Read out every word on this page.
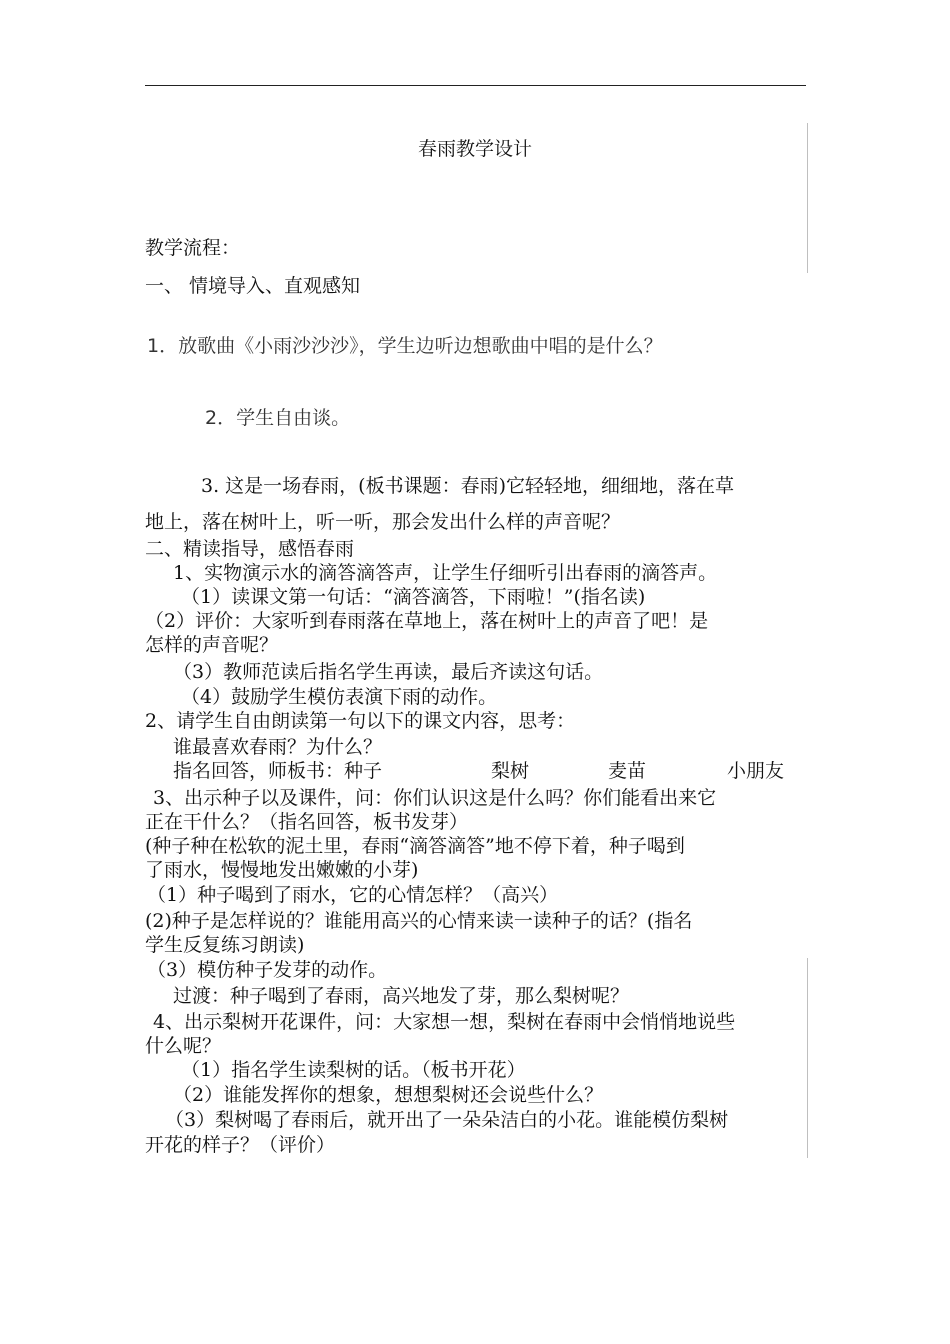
春雨教学设计
教学流程：
一、 情境导入、直观感知
1．放歌曲《小雨沙沙沙》，学生边听边想歌曲中唱的是什么？
2．学生自由谈。
3. 这是一场春雨，(板书课题：春雨)它轻轻地，细细地，落在草
地上，落在树叶上，听一听，那会发出什么样的声音呢？
二、精读指导，感悟春雨
1、实物演示水的滴答滴答声，让学生仔细听引出春雨的滴答声。
（1）读课文第一句话：“滴答滴答，下雨啦！”(指名读)
（2）评价：大家听到春雨落在草地上，落在树叶上的声音了吧！是
怎样的声音呢？
（3）教师范读后指名学生再读，最后齐读这句话。
（4）鼓励学生模仿表演下雨的动作。
2、请学生自由朗读第一句以下的课文内容，思考：
谁最喜欢春雨？为什么？
指名回答，师板书：种子	梨树	麦苗	小朋友
3、出示种子以及课件，问：你们认识这是什么吗？你们能看出来它
正在干什么？（指名回答，板书发芽）
(种子种在松软的泥土里，春雨“滴答滴答”地不停下着，种子喝到
了雨水，慢慢地发出嫩嫩的小芽)
（1）种子喝到了雨水，它的心情怎样？（高兴）
(2)种子是怎样说的？谁能用高兴的心情来读一读种子的话？(指名
学生反复练习朗读)
（3）模仿种子发芽的动作。
过渡：种子喝到了春雨，高兴地发了芽，那么梨树呢？
4、出示梨树开花课件，问：大家想一想，梨树在春雨中会悄悄地说些
什么呢？
（1）指名学生读梨树的话。（板书开花）
（2）谁能发挥你的想象，想想梨树还会说些什么？
（3）梨树喝了春雨后，就开出了一朵朵洁白的小花。谁能模仿梨树
开花的样子？（评价）
